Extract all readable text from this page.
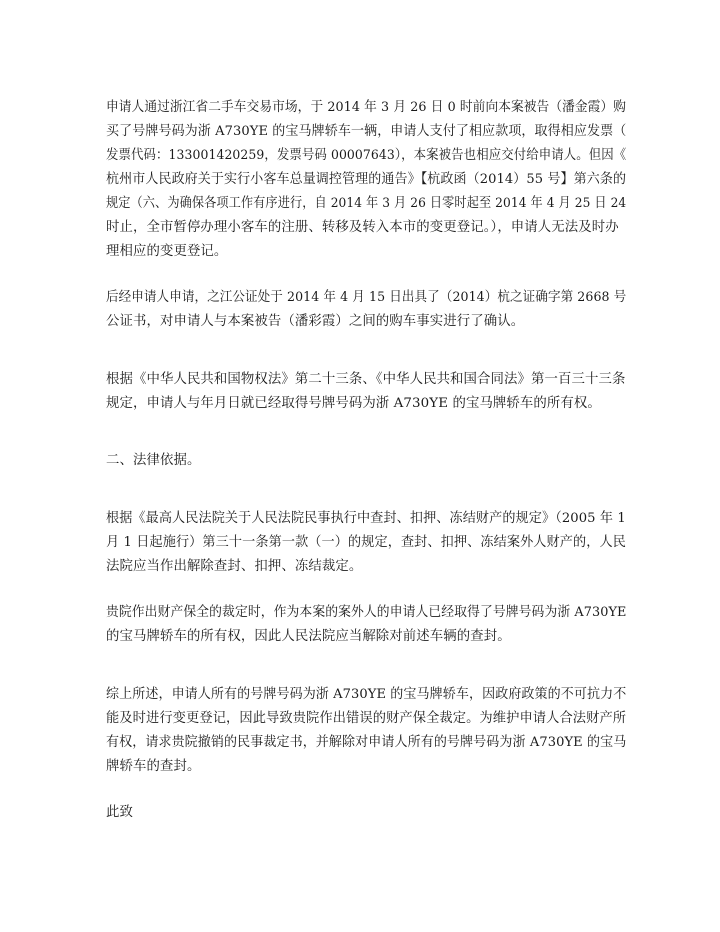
申请人通过浙江省二手车交易市场，于 2014 年 3 月 26 日 0 时前向本案被告（潘金霞）购
买了号牌号码为浙 A730YE 的宝马牌轿车一辆，申请人支付了相应款项，取得相应发票（
发票代码：133001420259，发票号码 00007643），本案被告也相应交付给申请人。但因《
杭州市人民政府关于实行小客车总量调控管理的通告》【杭政函（2014）55 号】第六条的
规定（六、为确保各项工作有序进行，自 2014 年 3 月 26 日零时起至 2014 年 4 月 25 日 24
时止，全市暂停办理小客车的注册、转移及转入本市的变更登记。），申请人无法及时办
理相应的变更登记。
后经申请人申请，之江公证处于 2014 年 4 月 15 日出具了（2014）杭之证确字第 2668 号
公证书，对申请人与本案被告（潘彩霞）之间的购车事实进行了确认。
根据《中华人民共和国物权法》第二十三条、《中华人民共和国合同法》第一百三十三条
规定，申请人与年月日就已经取得号牌号码为浙 A730YE 的宝马牌轿车的所有权。
二、法律依据。
根据《最高人民法院关于人民法院民事执行中查封、扣押、冻结财产的规定》（2005 年 1
月 1 日起施行）第三十一条第一款（一）的规定，查封、扣押、冻结案外人财产的，人民
法院应当作出解除查封、扣押、冻结裁定。
贵院作出财产保全的裁定时，作为本案的案外人的申请人已经取得了号牌号码为浙 A730YE
的宝马牌轿车的所有权，因此人民法院应当解除对前述车辆的查封。
综上所述，申请人所有的号牌号码为浙 A730YE 的宝马牌轿车，因政府政策的不可抗力不
能及时进行变更登记，因此导致贵院作出错误的财产保全裁定。为维护申请人合法财产所
有权，请求贵院撤销的民事裁定书，并解除对申请人所有的号牌号码为浙 A730YE 的宝马
牌轿车的查封。
此致
